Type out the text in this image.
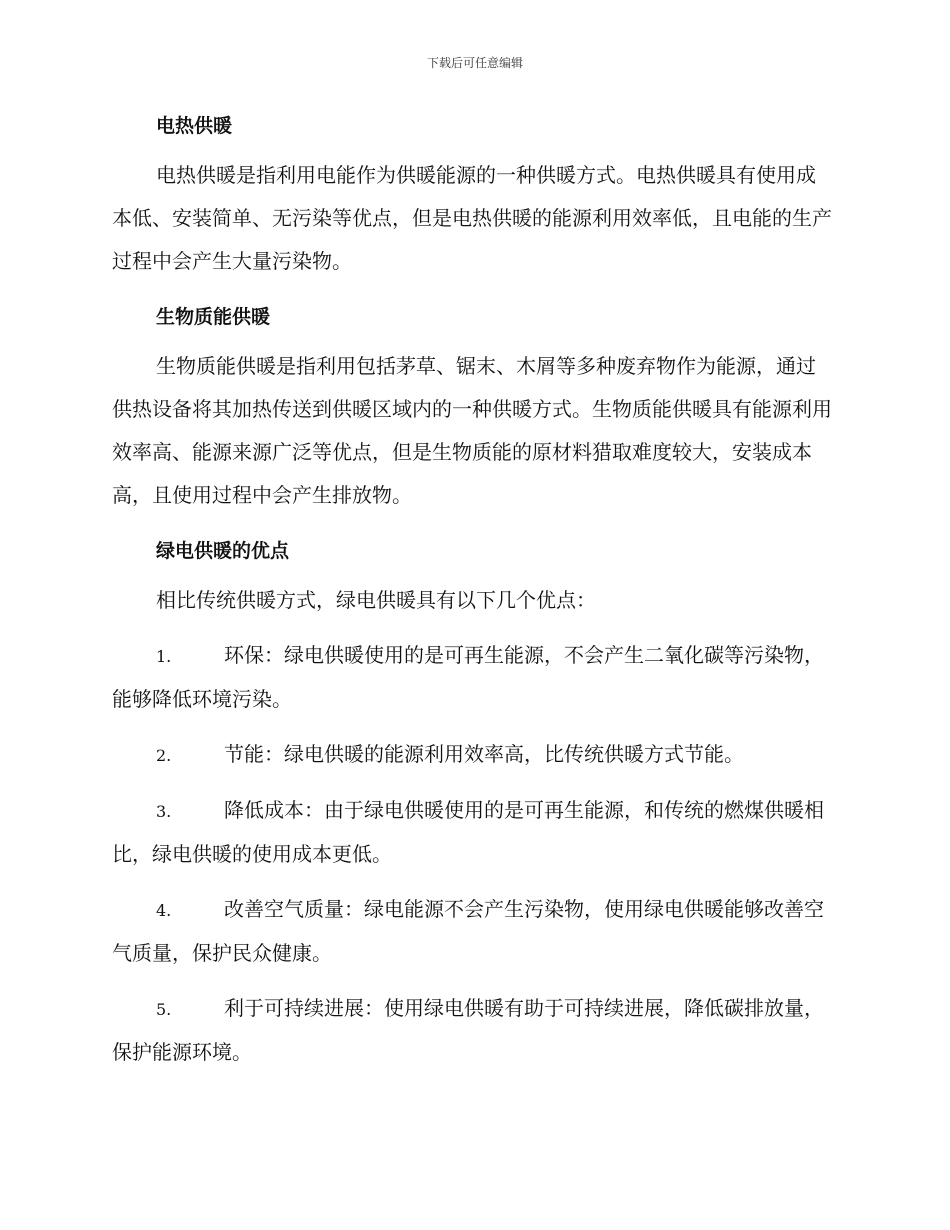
下载后可任意编辑
电热供暖

电热供暖是指利用电能作为供暖能源的一种供暖方式。电热供暖具有使用成本低、安装简单、无污染等优点，但是电热供暖的能源利用效率低，且电能的生产过程中会产生大量污染物。

生物质能供暖

生物质能供暖是指利用包括茅草、锯末、木屑等多种废弃物作为能源，通过供热设备将其加热传送到供暖区域内的一种供暖方式。生物质能供暖具有能源利用效率高、能源来源广泛等优点，但是生物质能的原材料猎取难度较大，安装成本高，且使用过程中会产生排放物。

绿电供暖的优点

相比传统供暖方式，绿电供暖具有以下几个优点：

1.	环保：绿电供暖使用的是可再生能源，不会产生二氧化碳等污染物，能够降低环境污染。

2.	节能：绿电供暖的能源利用效率高，比传统供暖方式节能。

3.	降低成本：由于绿电供暖使用的是可再生能源，和传统的燃煤供暖相比，绿电供暖的使用成本更低。

4.	改善空气质量：绿电能源不会产生污染物，使用绿电供暖能够改善空气质量，保护民众健康。

5.	利于可持续进展：使用绿电供暖有助于可持续进展，降低碳排放量，保护能源环境。
